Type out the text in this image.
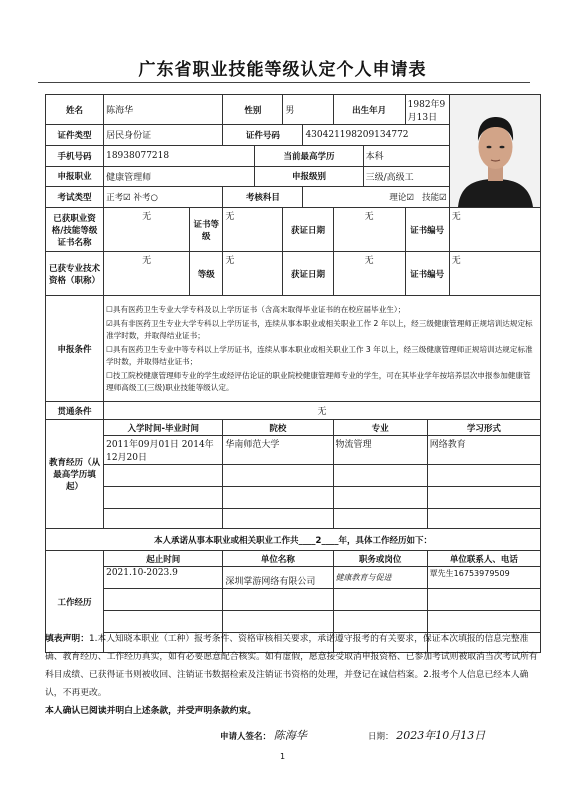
广东省职业技能等级认定个人申请表
姓名	陈海华		性别		男		出生年月		1982年9月13日	

证件类型	居民身份证		证件号码			430421198209134772					
手机号码	18938077218			当前最高学历				本科			
申报职业	健康管理师			申报级别				三级/高级工			
考试类型	正考☑ 补考○		考核科目			理论☑ 技能☑					
已获职业资格/技能等级证书名称	无	证书等级	无		获证日期		无		证书编号		无
已获专业技术资格（职称）	无	等级	无		获证日期		无		证书编号		无
申报条件	☐具有医药卫生专业大学专科及以上学历证书（含高末取得毕业证书的在校应届毕业生）；

☑具有非医药卫生专业大学专科以上学历证书，连续从事本职业或相关职业工作 2 年以上，经三级健康管理师正规培训达规定标准学时数，并取得结业证书；

☐具有医药卫生专业中等专科以上学历证书，连续从事本职业或相关职业工作 3 年以上，经三级健康管理师正规培训达规定标准学时数，并取得结业证书；

☐技工院校健康管理师专业的学生或经评估论证的职业院校健康管理师专业的学生，可在其毕业学年按培养层次申报参加健康管理师高级工(三级)职业技能等级认定。										

贯通条件	无										
教育经历（从最高学历填起）	入学时间-毕业时间		院校				专业			学习形式	
	2011年09月01日 2014年12月20日		华南师范大学				物流管理			网络教育	

本人承诺从事本职业或相关职业工作共____2____年，具体工作经历如下：											
工作经历	起止时间		单位名称				职务或岗位			单位联系人、电话	
	2021.10-2023.9		深圳掌游网络有限公司				健康教育与促进			覃先生16753979509	

填表声明：1.本人知晓本职业（工种）报考条件、资格审核相关要求，承诺遵守报考的有关要求，保证本次填报的信息完整准确、教育经历、工作经历真实，如有必要愿意配合核实。如有虚假，愿意接受取消申报资格、已参加考试则被取消当次考试所有科目成绩、已获得证书则被收回、注销证书数据检索及注销证书资格的处理，并登记在诚信档案。2.报考个人信息已经本人确认，不再更改。
本人确认已阅读并明白上述条款，并受声明条款约束。
申请人签名： 陈海华	日期： 2023年10月13日
1
